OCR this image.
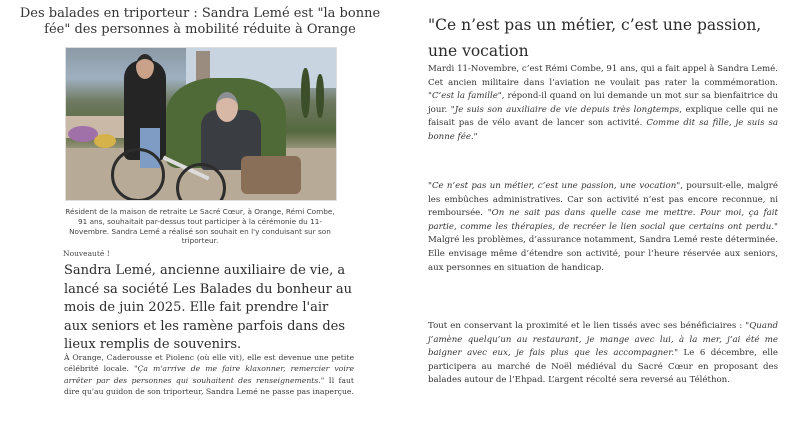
Des balades en triporteur : Sandra Lemé est "la bonne fée" des personnes à mobilité réduite à Orange
Résident de la maison de retraite Le Sacré Cœur, à Orange, Rémi Combe, 91 ans, souhaitait par-dessus tout participer à la cérémonie du 11-Novembre. Sandra Lemé a réalisé son souhait en l'y conduisant sur son triporteur.
Nouveauté !
Sandra Lemé, ancienne auxiliaire de vie, a lancé sa société Les Balades du bonheur au mois de juin 2025. Elle fait prendre l'air aux seniors et les ramène parfois dans des lieux remplis de souvenirs.
À Orange, Caderousse et Piolenc (où elle vit), elle est devenue une petite célébrité locale. "Ça m'arrive de me faire klaxonner, remercier voire arrêter par des personnes qui souhaitent des renseignements." Il faut dire qu'au guidon de son triporteur, Sandra Lemé ne passe pas inaperçue.
"Ce n’est pas un métier, c’est une passion, une vocation
Mardi 11-Novembre, c’est Rémi Combe, 91 ans, qui a fait appel à Sandra Lemé. Cet ancien militaire dans l’aviation ne voulait pas rater la commémoration. "C’est la famille", répond-il quand on lui demande un mot sur sa bienfaitrice du jour. "Je suis son auxiliaire de vie depuis très longtemps, explique celle qui ne faisait pas de vélo avant de lancer son activité. Comme dit sa fille, je suis sa bonne fée."
"Ce n’est pas un métier, c’est une passion, une vocation", poursuit-elle, malgré les embûches administratives. Car son activité n’est pas encore reconnue, ni remboursée. "On ne sait pas dans quelle case me mettre. Pour moi, ça fait partie, comme les thérapies, de recréer le lien social que certains ont perdu." Malgré les problèmes, d’assurance notamment, Sandra Lemé reste déterminée. Elle envisage même d’étendre son activité, pour l’heure réservée aux seniors, aux personnes en situation de handicap.
Tout en conservant la proximité et le lien tissés avec ses bénéficiaires : "Quand j’amène quelqu’un au restaurant, je mange avec lui, à la mer, j’ai été me baigner avec eux, je fais plus que les accompagner." Le 6 décembre, elle participera au marché de Noël médiéval du Sacré Cœur en proposant des balades autour de l’Ehpad. L’argent récolté sera reversé au Téléthon.
